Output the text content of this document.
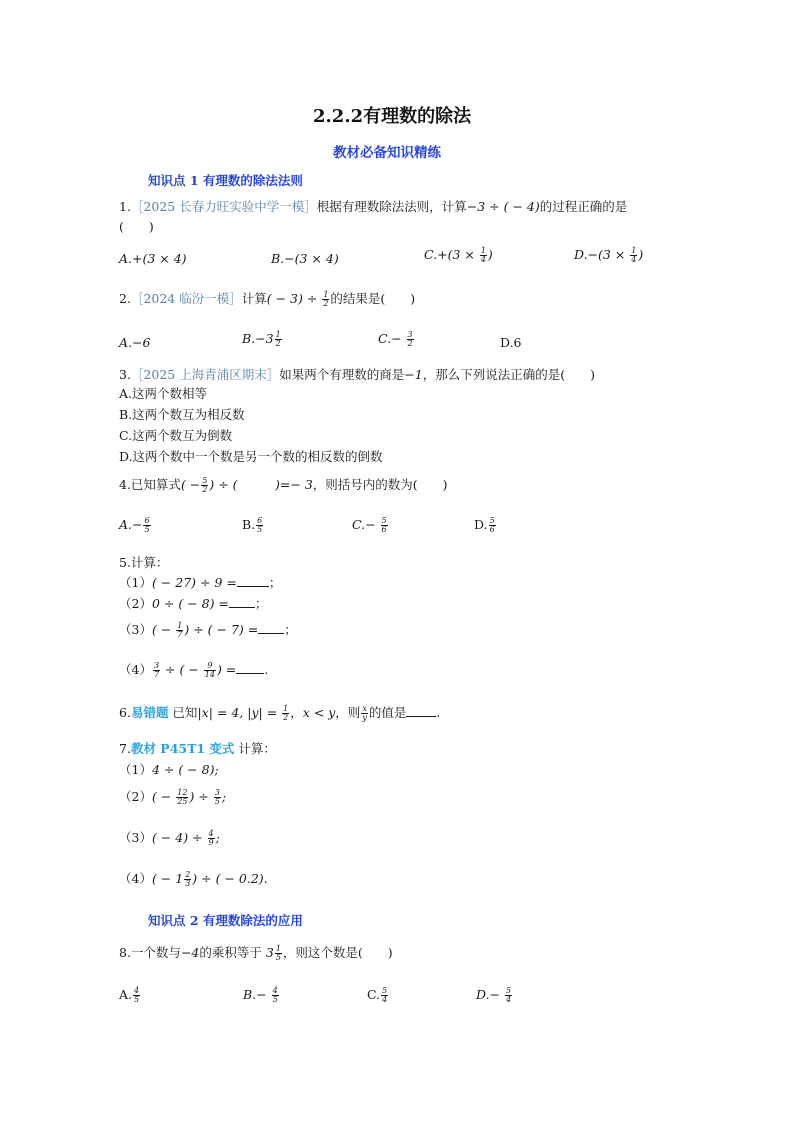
2.2.2有理数的除法
教材必备知识精练
知识点 1 有理数的除法法则
1.［2025 长春力旺实验中学一模］根据有理数除法法则，计算−3 ÷ ( − 4)的过程正确的是
(　　)
A.+(3 × 4)	B.−(3 × 4)	$C.+(3 \times \frac{1}{4}$ )	$D.-(3 \times \frac{1}{4}$ )
2.［2024 临汾一模］计算( − $3) \div \frac{1}{2}$ 的结果是(　　)
A.−6	$B.-3 \frac{1}{2}$	$C.- \frac{3}{2}$	D.6
3.［2025 上海青浦区期末］如果两个有理数的商是−1，那么下列说法正确的是(　　)
A.这两个数相等
B.这两个数互为相反数
C.这两个数互为倒数
D.这两个数中一个数是另一个数的相反数的倒数
4.已知算式( − $\frac{5}{2}$ ) ÷ (　　　)=− 3，则括号内的数为(　　)
$A.- \frac{6}{5}$	B. $\frac{6}{5}$	$C.- \frac{5}{6}$	D. $\frac{5}{6}$
5.计算：
（1）( − 27) ÷ 9 =	；
（2）0 ÷ ( − 8) = ；
$(3)( - \frac{1}{7}$ ) ÷ ( − 7) = ；
$(4) \frac{3}{7}$ ÷ ( − $\frac{9}{14}$ ) = .
6.易错题 已知|x| = 4, $|y| = \frac{1}{2}$ ，x < y，则 $\frac{x}{y}$ 的值是 .
7.教材 P45T1 变式 计算：
（1）4 ÷ ( − 8);
$(2)( - \frac{12}{25}$ ) ÷ $\frac{3}{5}$ ;
$(3)( - 4) \div \frac{4}{9}$ ;
$(4)( - 1 \frac{2}{3}$ ) ÷ ( − 0.2).
知识点 2 有理数除法的应用
8.一个数与−4的乘积等于 $3 \frac{1}{5}$ ，则这个数是(　　)
A. $\frac{4}{5}$	$B.- \frac{4}{5}$	C. $\frac{5}{4}$	$D.- \frac{5}{4}$
